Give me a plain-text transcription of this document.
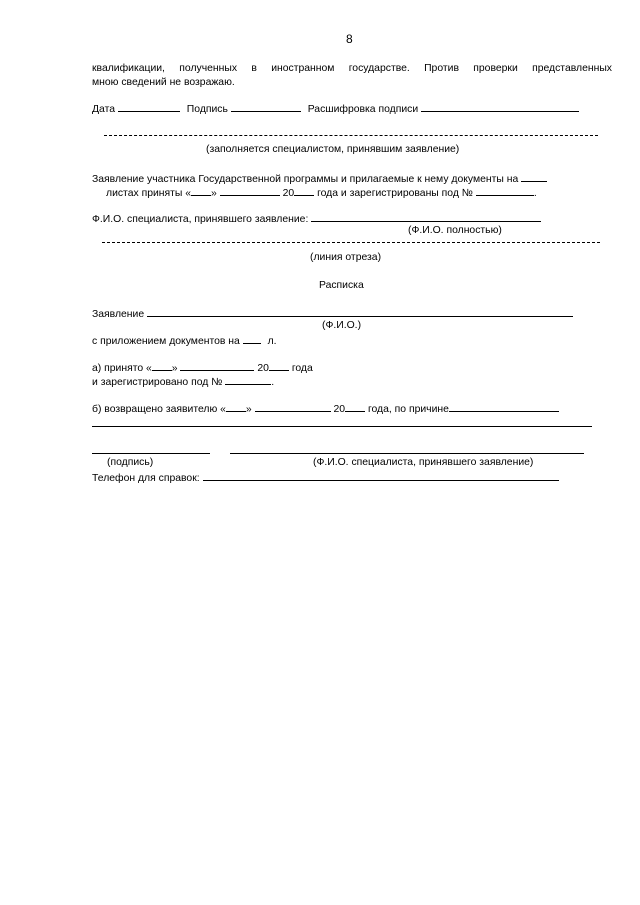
8
квалификации, полученных в иностранном государстве. Против проверки представленных
мною сведений не возражаю.
Дата	Подпись	Расшифровка подписи
(заполняется специалистом, принявшим заявление)
Заявление участника Государственной программы и прилагаемые к нему документы на
листах приняты « »	20 года и зарегистрированы под №	.
Ф.И.О. специалиста, принявшего заявление:
(Ф.И.О. полностью)
(линия отреза)
Расписка
Заявление
(Ф.И.О.)
с приложением документов на	л.
а) принято « »	20 года
и зарегистрировано под №	.
б) возвращено заявителю « »	20 года, по причине
(подпись)	(Ф.И.О. специалиста, принявшего заявление)
Телефон для справок:
